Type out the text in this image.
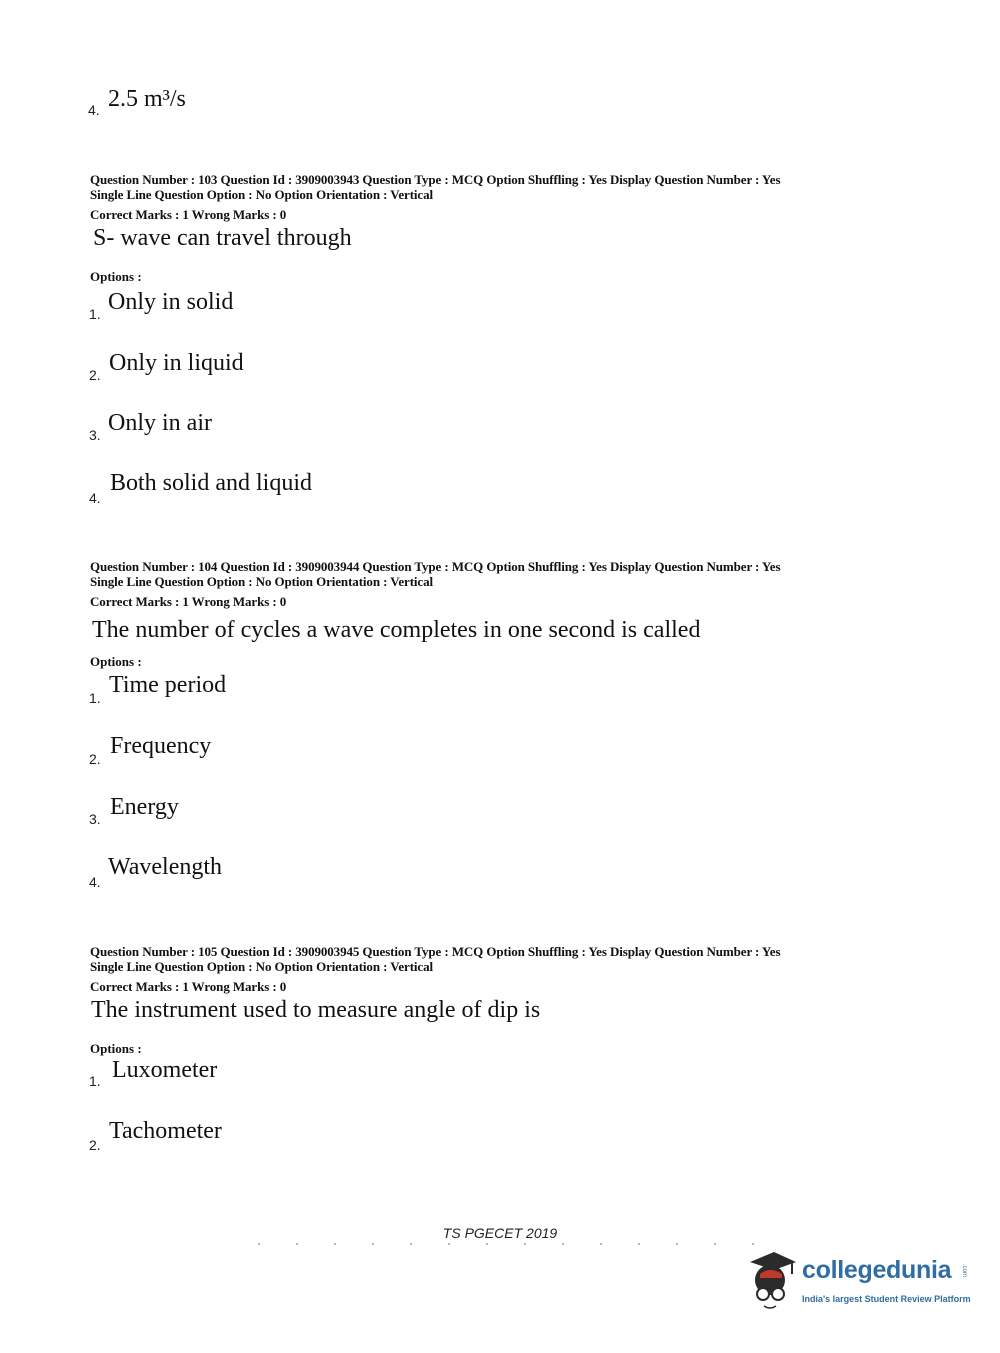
4. 2.5 m³/s
Question Number : 103 Question Id : 3909003943 Question Type : MCQ Option Shuffling : Yes Display Question Number : Yes
Single Line Question Option : No Option Orientation : Vertical
Correct Marks : 1 Wrong Marks : 0
S- wave can travel through
Options :
1. Only in solid
2. Only in liquid
3. Only in air
4.
Both solid and liquid
Question Number : 104 Question Id : 3909003944 Question Type : MCQ Option Shuffling : Yes Display Question Number : Yes
Single Line Question Option : No Option Orientation : Vertical
Correct Marks : 1 Wrong Marks : 0
The number of cycles a wave completes in one second is called
Options :
1. Time period
2. Frequency
3. Energy
4.
Wavelength
Question Number : 105 Question Id : 3909003945 Question Type : MCQ Option Shuffling : Yes Display Question Number : Yes
Single Line Question Option : No Option Orientation : Vertical
Correct Marks : 1 Wrong Marks : 0
The instrument used to measure angle of dip is
Options :
1. Luxometer
2.
Tachometer
TS PGECET 2019
collegedunia .com
India's largest Student Review Platform
